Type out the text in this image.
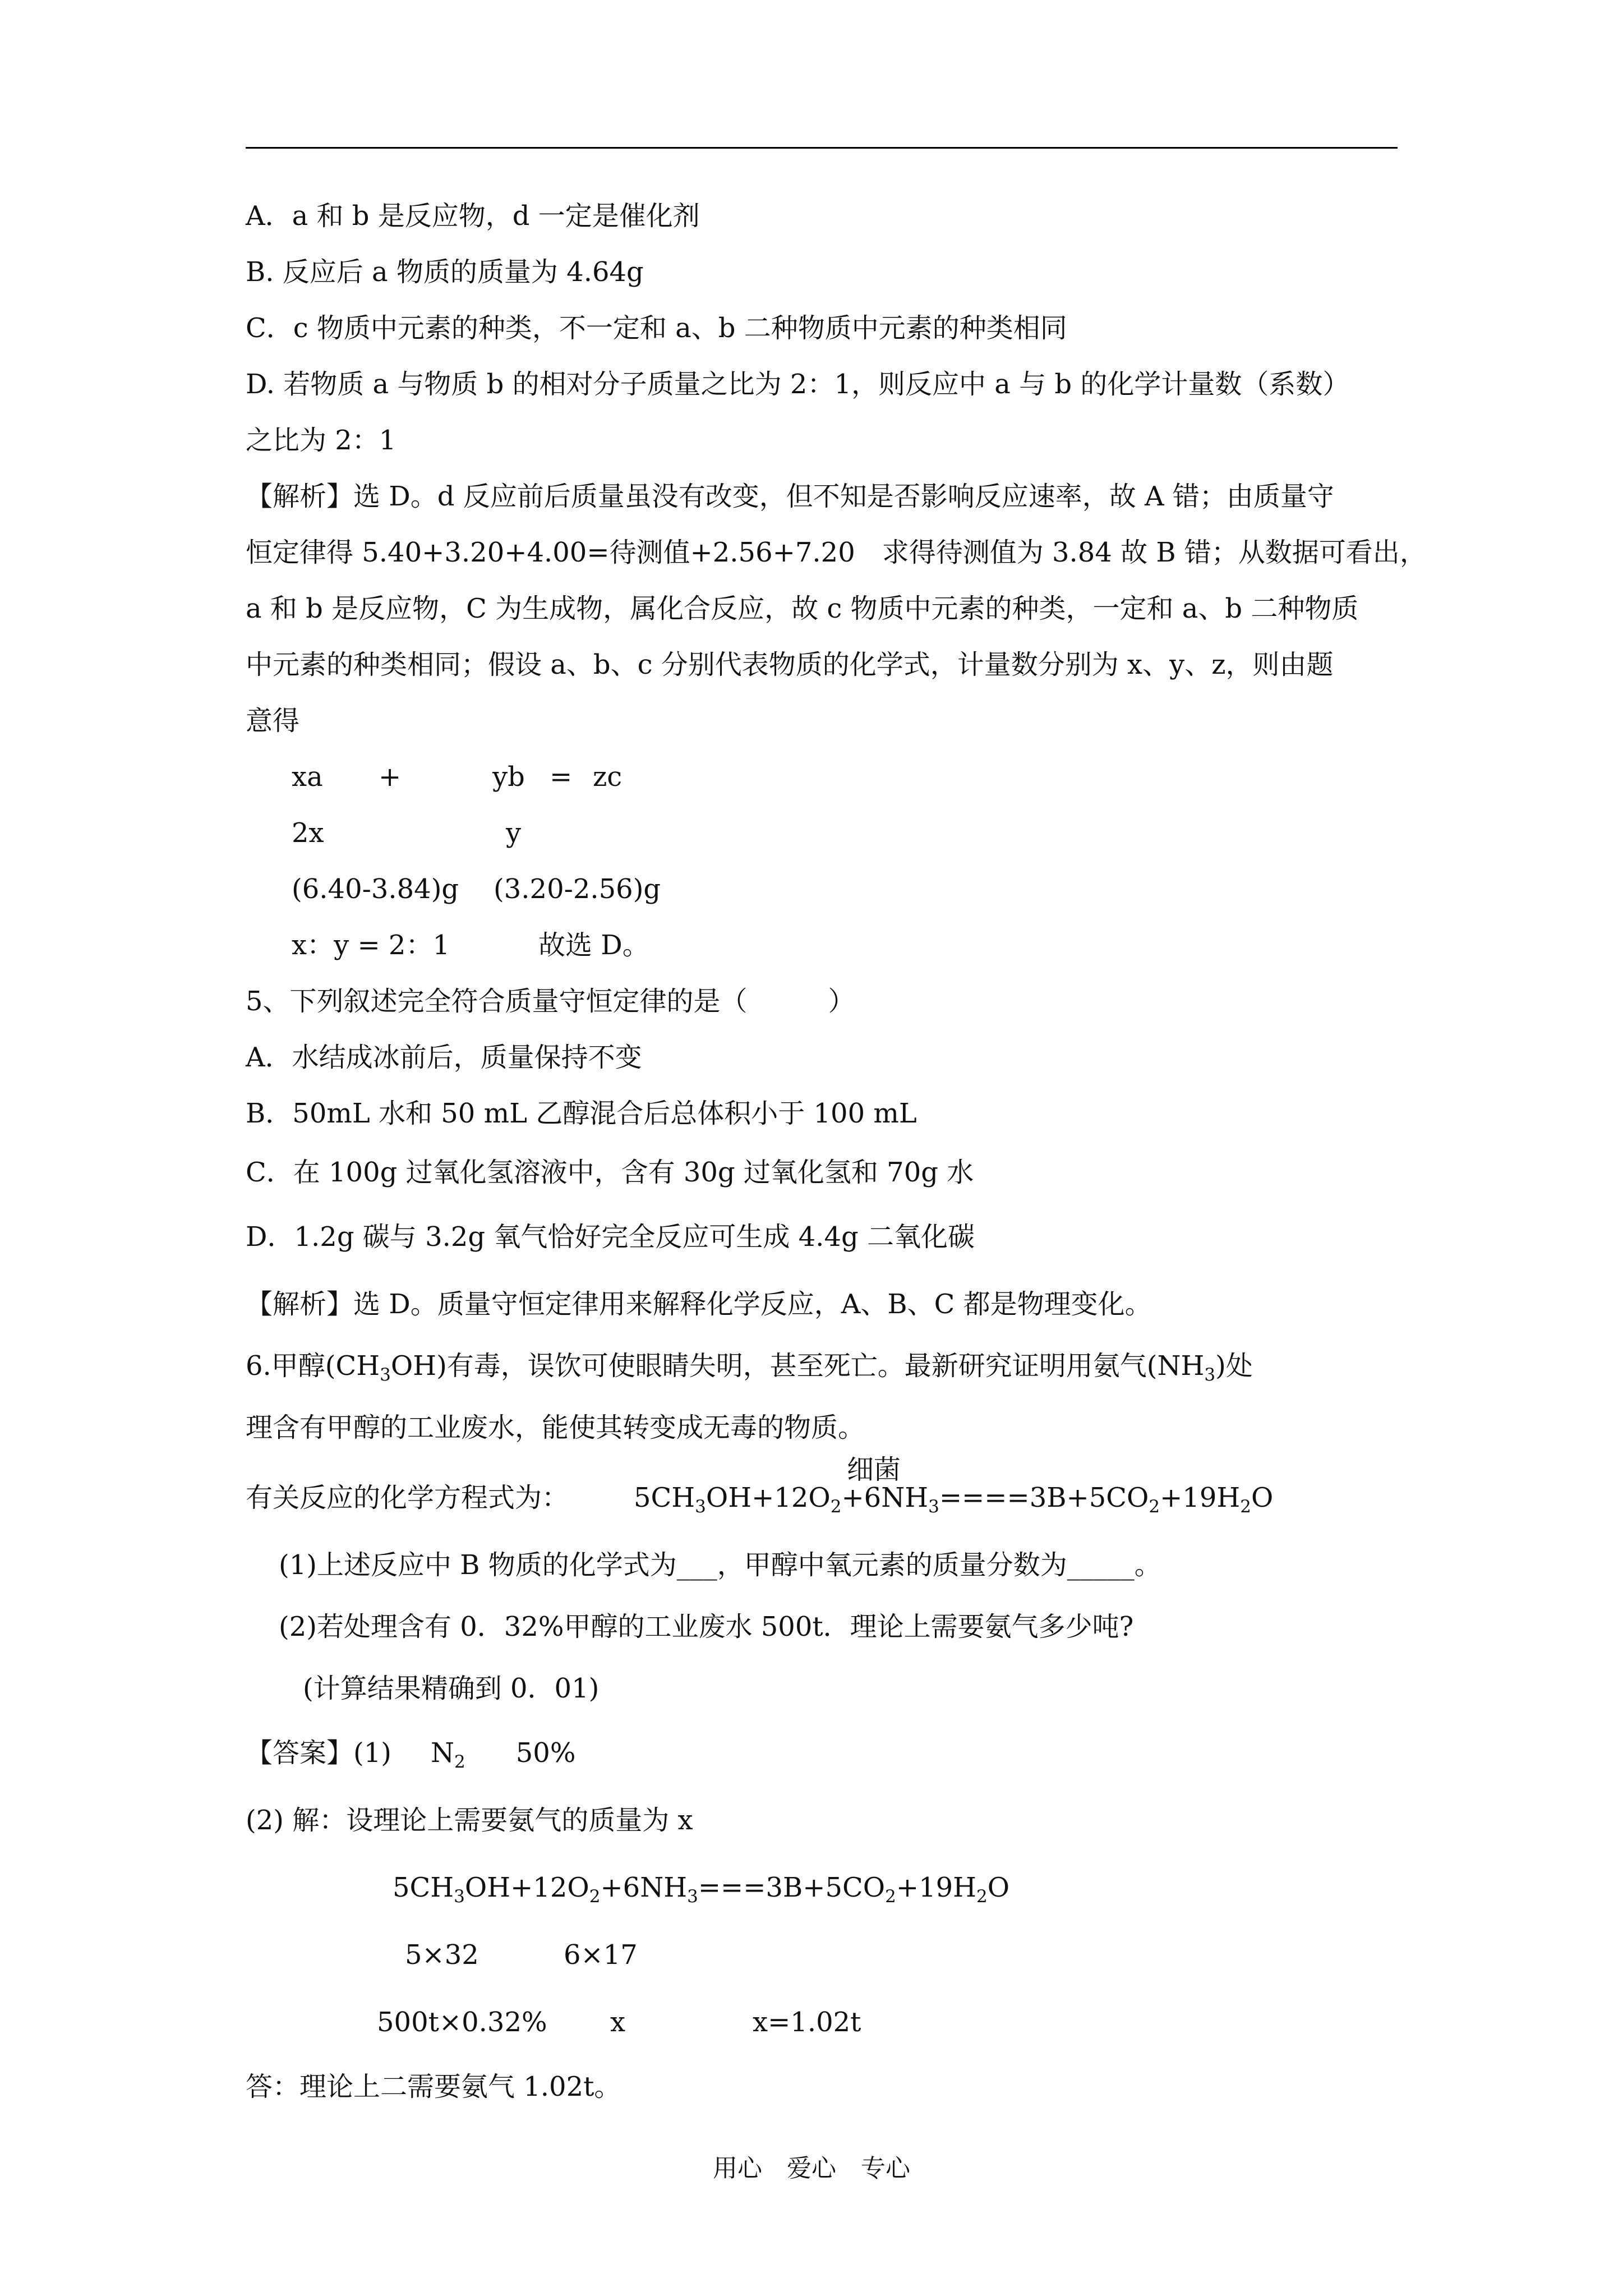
A．a 和 b 是反应物，d 一定是催化剂
B. 反应后 a 物质的质量为 4.64g
C．c 物质中元素的种类，不一定和 a、b 二种物质中元素的种类相同
D. 若物质 a 与物质 b 的相对分子质量之比为 2：1，则反应中 a 与 b 的化学计量数（系数）
之比为 2：1
【解析】选 D。d 反应前后质量虽没有改变，但不知是否影响反应速率，故 A 错；由质量守
恒定律得 5.40+3.20+4.00=待测值+2.56+7.20　求得待测值为 3.84 故 B 错；从数据可看出，
a 和 b 是反应物，C 为生成物，属化合反应，故 c 物质中元素的种类，一定和 a、b 二种物质
中元素的种类相同；假设 a、b、c 分别代表物质的化学式，计量数分别为 x、y、z，则由题
意得
xa +	yb = zc
2x	y
(6.40-3.84)g (3.20-2.56)g
x：y = 2：1	故选 D。
5、下列叙述完全符合质量守恒定律的是（　　　）
A．水结成冰前后，质量保持不变
B．50mL 水和 50 mL 乙醇混合后总体积小于 100 mL
C．在 100g 过氧化氢溶液中，含有 30g 过氧化氢和 70g 水
D．1.2g 碳与 3.2g 氧气恰好完全反应可生成 4.4g 二氧化碳
【解析】选 D。质量守恒定律用来解释化学反应，A、B、C 都是物理变化。
6.甲醇$(CH_3OH)$有毒，误饮可使眼睛失明，甚至死亡。最新研究证明用氨气$(NH_3)$处
理含有甲醇的工业废水，能使其转变成无毒的物质。
细菌
有关反应的化学方程式为： $5CH_3OH+12O_2+6NH_3====3B+5CO_2+19H_2O$
(1)上述反应中 B 物质的化学式为___，甲醇中氧元素的质量分数为_____。
(2)若处理含有 0．32%甲醇的工业废水 500t．理论上需要氨气多少吨?
(计算结果精确到 0．01)
【答案】(1) $N_2$ 50%
(2) 解：设理论上需要氨气的质量为 x
$5CH_3OH+12O_2+6NH_3===3B+5CO_2+19H_2O$
5×32	6×17
500t×0.32% x	x=1.02t
答：理论上二需要氨气 1.02t。
用心　爱心　专心
